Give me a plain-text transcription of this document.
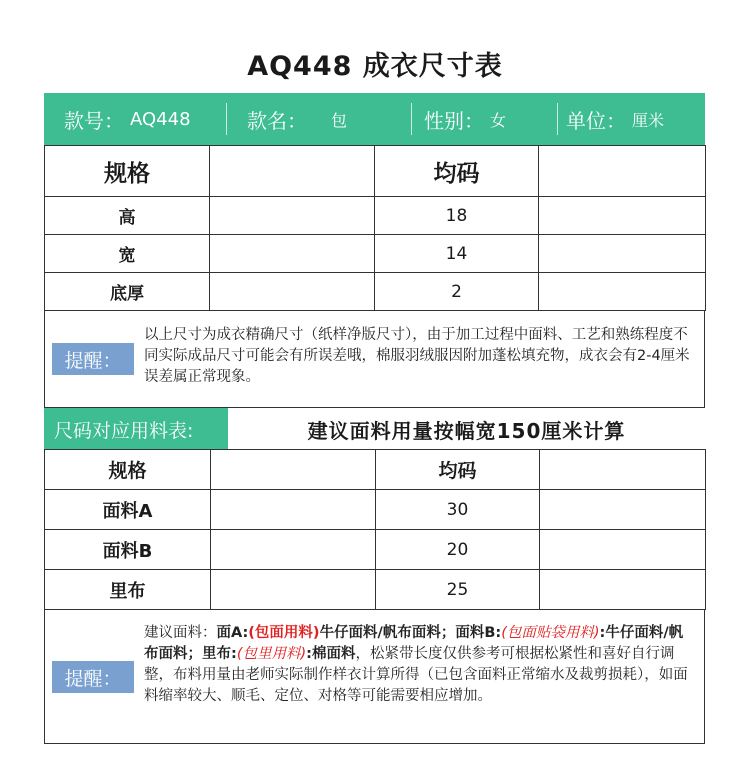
AQ448 成衣尺寸表
款号： AQ448	款名： 包	性别： 女	单位： 厘米
规格		均码	
高		18	
宽		14	
底厚		2	
提醒：
以上尺寸为成衣精确尺寸（纸样净版尺寸），由于加工过程中面料、工艺和熟练程度不同实际成品尺寸可能会有所误差哦，棉服羽绒服因附加蓬松填充物，成衣会有2-4厘米误差属正常现象。
尺码对应用料表:	建议面料用量按幅宽150厘米计算
规格		均码	
面料A		30	
面料B		20	
里布		25	
提醒：
建议面料：面A:(包面用料)牛仔面料/帆布面料；面料B:(包面贴袋用料):牛仔面料/帆布面料；里布:(包里用料):棉面料，松紧带长度仅供参考可根据松紧性和喜好自行调整，布料用量由老师实际制作样衣计算所得（已包含面料正常缩水及裁剪损耗），如面料缩率较大、顺毛、定位、对格等可能需要相应增加。
